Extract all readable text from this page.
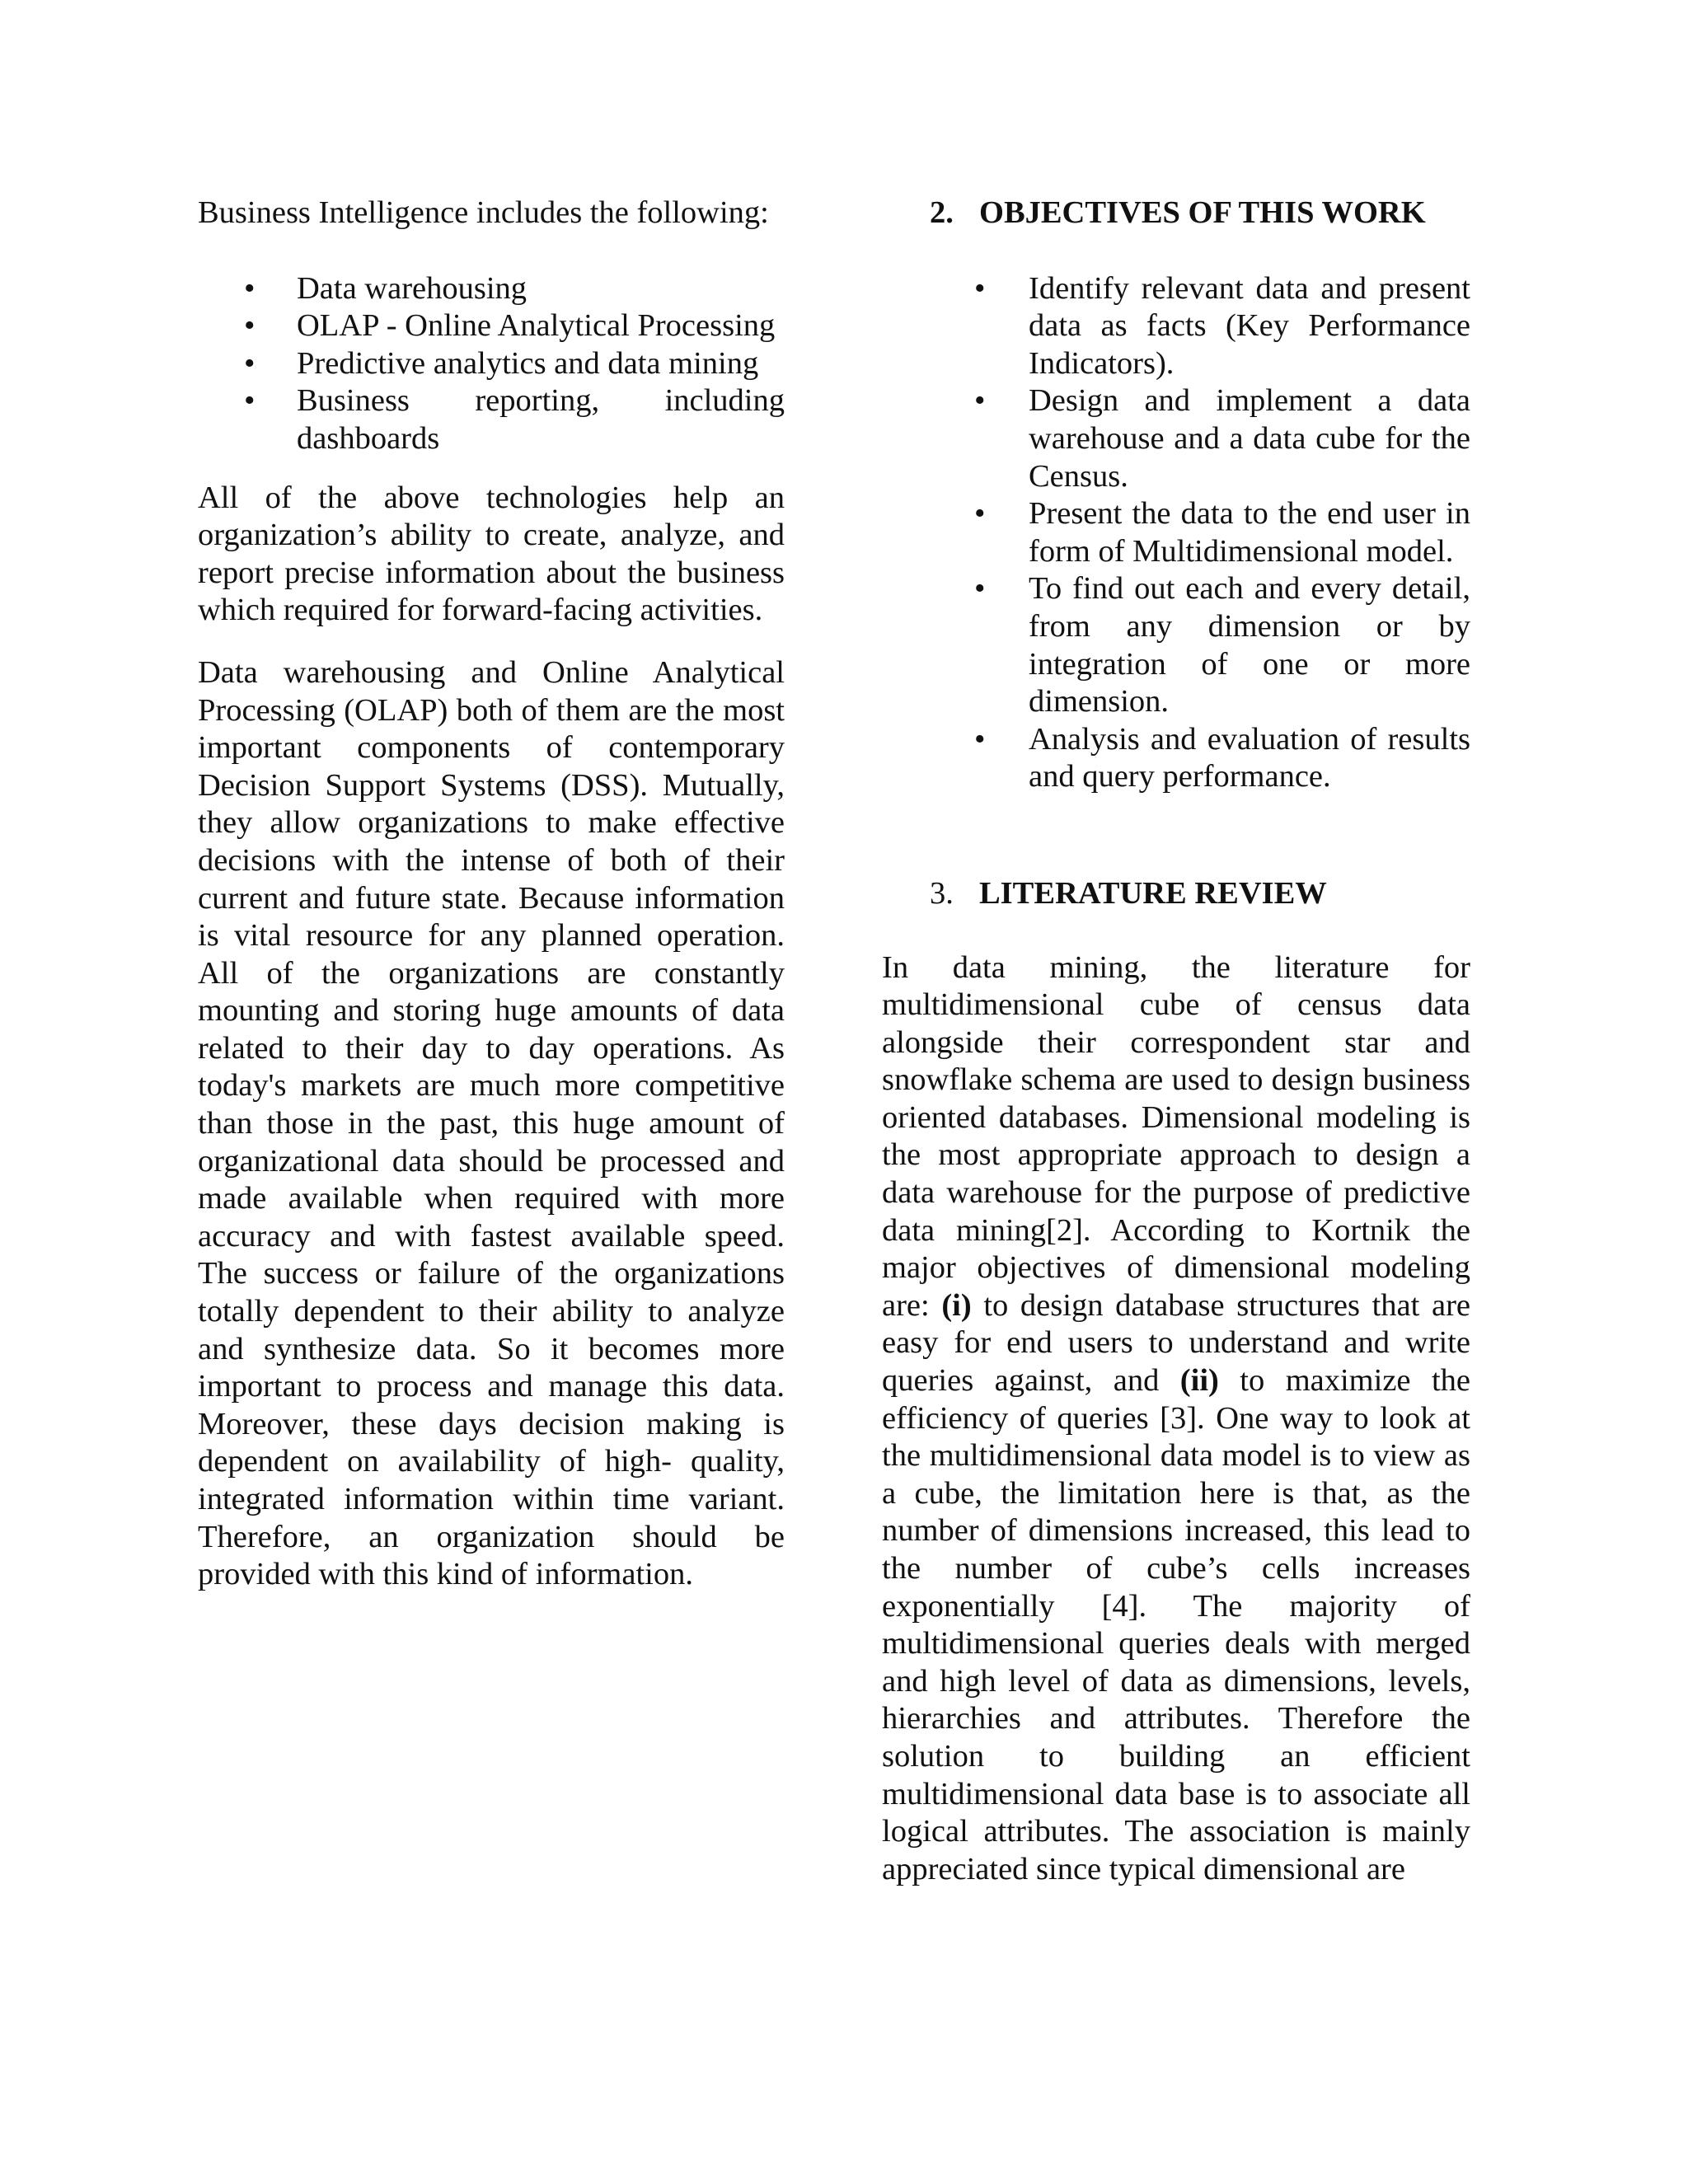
Business Intelligence includes the following:

• Data warehousing
• OLAP - Online Analytical Processing
• Predictive analytics and data mining
• Business reporting, including dashboards

All of the above technologies help an organization’s ability to create, analyze, and report precise information about the business which required for forward-facing activities.

Data warehousing and Online Analytical Processing (OLAP) both of them are the most important components of contemporary Decision Support Systems (DSS). Mutually, they allow organizations to make effective decisions with the intense of both of their current and future state. Because information is vital resource for any planned operation. All of the organizations are constantly mounting and storing huge amounts of data related to their day to day operations. As today's markets are much more competitive than those in the past, this huge amount of organizational data should be processed and made available when required with more accuracy and with fastest available speed. The success or failure of the organizations totally dependent to their ability to analyze and synthesize data. So it becomes more important to process and manage this data. Moreover, these days decision making is dependent on availability of high- quality, integrated information within time variant. Therefore, an organization should be provided with this kind of information.

2. OBJECTIVES OF THIS WORK

• Identify relevant data and present data as facts (Key Performance Indicators).
• Design and implement a data warehouse and a data cube for the Census.
• Present the data to the end user in form of Multidimensional model.
• To find out each and every detail, from any dimension or by integration of one or more dimension.
• Analysis and evaluation of results and query performance.

3. LITERATURE REVIEW

In data mining, the literature for multidimensional cube of census data alongside their correspondent star and snowflake schema are used to design business oriented databases. Dimensional modeling is the most appropriate approach to design a data warehouse for the purpose of predictive data mining[2]. According to Kortnik the major objectives of dimensional modeling are: (i) to design database structures that are easy for end users to understand and write queries against, and (ii) to maximize the efficiency of queries [3]. One way to look at the multidimensional data model is to view as a cube, the limitation here is that, as the number of dimensions increased, this lead to the number of cube’s cells increases exponentially [4]. The majority of multidimensional queries deals with merged and high level of data as dimensions, levels, hierarchies and attributes. Therefore the solution to building an efficient multidimensional data base is to associate all logical attributes. The association is mainly appreciated since typical dimensional are
